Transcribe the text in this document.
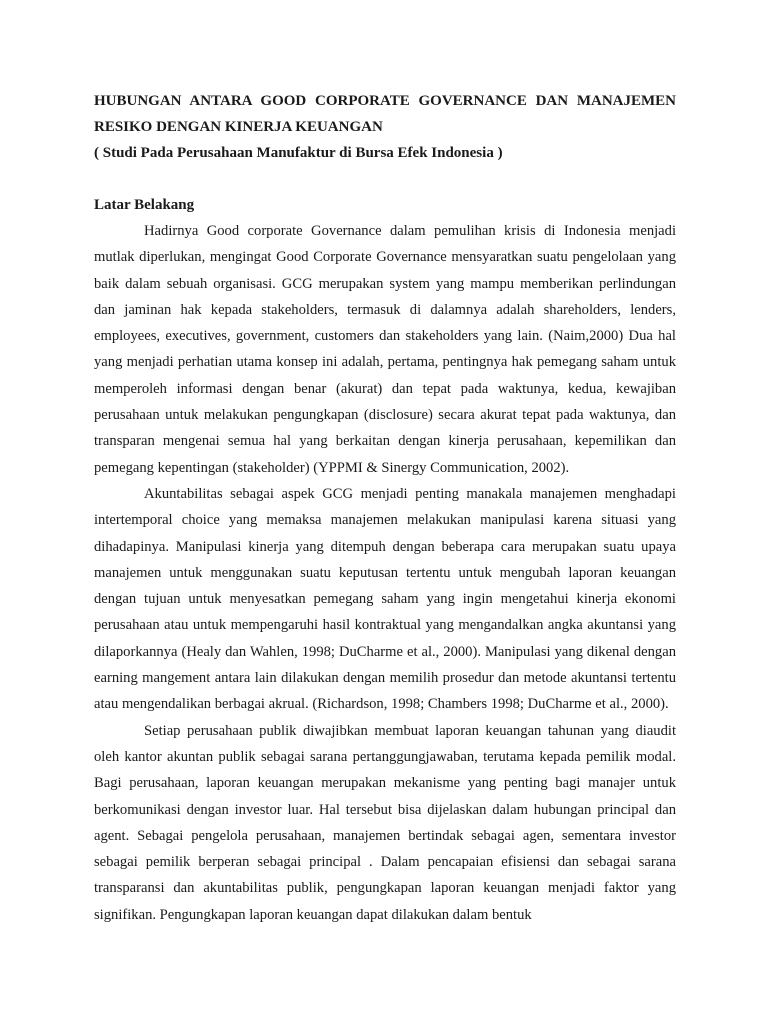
HUBUNGAN ANTARA GOOD CORPORATE GOVERNANCE DAN MANAJEMEN
RESIKO DENGAN KINERJA KEUANGAN

( Studi Pada Perusahaan Manufaktur di Bursa Efek Indonesia )

Latar Belakang

Hadirnya Good corporate Governance dalam pemulihan krisis di Indonesia menjadi mutlak diperlukan, mengingat Good Corporate Governance mensyaratkan suatu pengelolaan yang baik dalam sebuah organisasi. GCG merupakan system yang mampu memberikan perlindungan dan jaminan hak kepada stakeholders, termasuk di dalamnya adalah shareholders, lenders, employees, executives, government, customers dan stakeholders yang lain. (Naim,2000) Dua hal yang menjadi perhatian utama konsep ini adalah, pertama, pentingnya hak pemegang saham untuk memperoleh informasi dengan benar (akurat) dan tepat pada waktunya, kedua, kewajiban perusahaan untuk melakukan pengungkapan (disclosure) secara akurat tepat pada waktunya, dan transparan mengenai semua hal yang berkaitan dengan kinerja perusahaan, kepemilikan dan pemegang kepentingan (stakeholder) (YPPMI & Sinergy Communication, 2002).

Akuntabilitas sebagai aspek GCG menjadi penting manakala manajemen menghadapi intertemporal choice yang memaksa manajemen melakukan manipulasi karena situasi yang dihadapinya. Manipulasi kinerja yang ditempuh dengan beberapa cara merupakan suatu upaya manajemen untuk menggunakan suatu keputusan tertentu untuk mengubah laporan keuangan dengan tujuan untuk menyesatkan pemegang saham yang ingin mengetahui kinerja ekonomi perusahaan atau untuk mempengaruhi hasil kontraktual yang mengandalkan angka akuntansi yang dilaporkannya (Healy dan Wahlen, 1998; DuCharme et al., 2000). Manipulasi yang dikenal dengan earning mangement antara lain dilakukan dengan memilih prosedur dan metode akuntansi tertentu atau mengendalikan berbagai akrual. (Richardson, 1998; Chambers 1998; DuCharme et al., 2000).

Setiap perusahaan publik diwajibkan membuat laporan keuangan tahunan yang diaudit oleh kantor akuntan publik sebagai sarana pertanggungjawaban, terutama kepada pemilik modal. Bagi perusahaan, laporan keuangan merupakan mekanisme yang penting bagi manajer untuk berkomunikasi dengan investor luar. Hal tersebut bisa dijelaskan dalam hubungan principal dan agent. Sebagai pengelola perusahaan, manajemen bertindak sebagai agen, sementara investor sebagai pemilik berperan sebagai principal . Dalam pencapaian efisiensi dan sebagai sarana transparansi dan akuntabilitas publik, pengungkapan laporan keuangan menjadi faktor yang signifikan. Pengungkapan laporan keuangan dapat dilakukan dalam bentuk
